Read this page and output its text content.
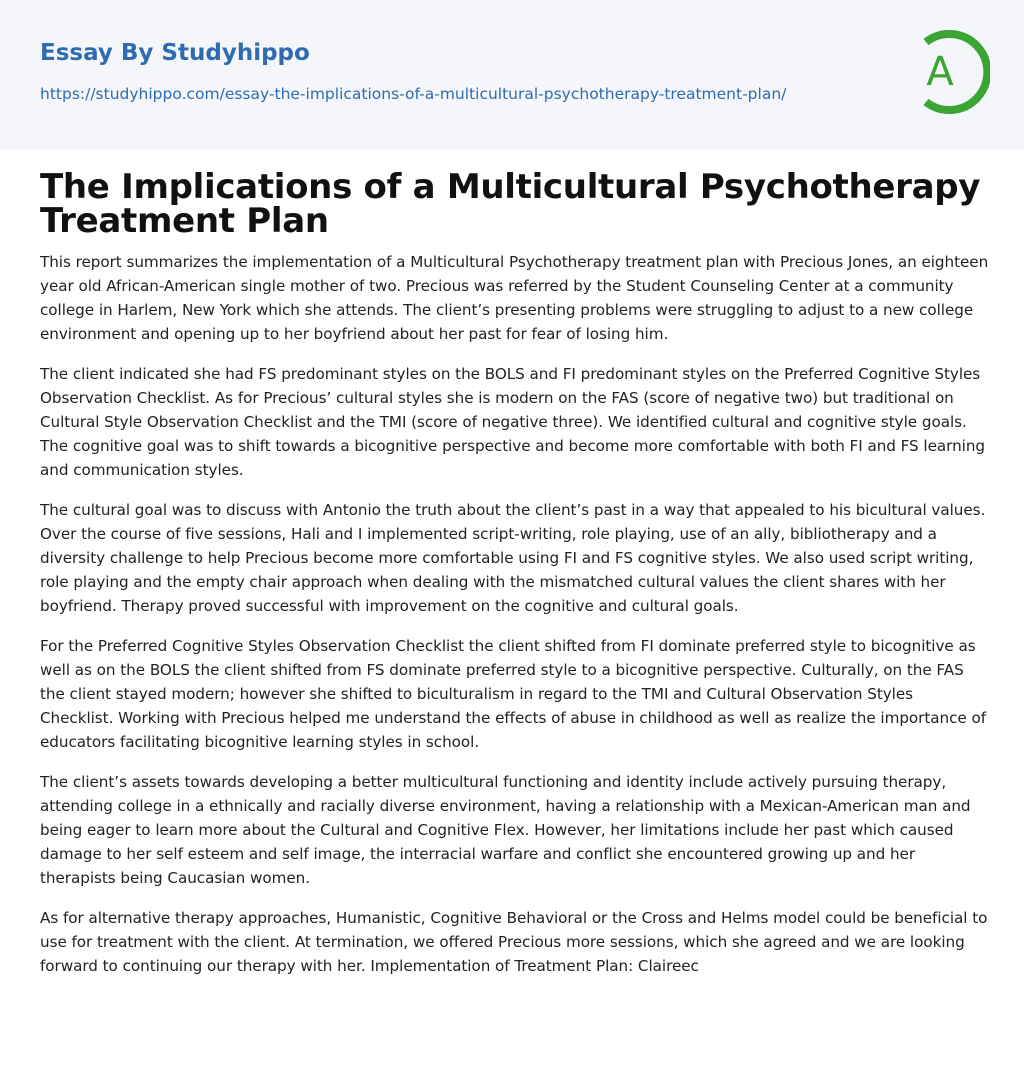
Essay By Studyhippo
https://studyhippo.com/essay-the-implications-of-a-multicultural-psychotherapy-treatment-plan/	A
The Implications of a Multicultural Psychotherapy Treatment Plan

This report summarizes the implementation of a Multicultural Psychotherapy treatment plan with Precious Jones, an eighteen year old African-American single mother of two. Precious was referred by the Student Counseling Center at a community college in Harlem, New York which she attends. The client’s presenting problems were struggling to adjust to a new college environment and opening up to her boyfriend about her past for fear of losing him.

The client indicated she had FS predominant styles on the BOLS and FI predominant styles on the Preferred Cognitive Styles Observation Checklist. As for Precious’ cultural styles she is modern on the FAS (score of negative two) but traditional on Cultural Style Observation Checklist and the TMI (score of negative three). We identified cultural and cognitive style goals. The cognitive goal was to shift towards a bicognitive perspective and become more comfortable with both FI and FS learning and communication styles.

The cultural goal was to discuss with Antonio the truth about the client’s past in a way that appealed to his bicultural values. Over the course of five sessions, Hali and I implemented script-writing, role playing, use of an ally, bibliotherapy and a diversity challenge to help Precious become more comfortable using FI and FS cognitive styles. We also used script writing, role playing and the empty chair approach when dealing with the mismatched cultural values the client shares with her boyfriend. Therapy proved successful with improvement on the cognitive and cultural goals.

For the Preferred Cognitive Styles Observation Checklist the client shifted from FI dominate preferred style to bicognitive as well as on the BOLS the client shifted from FS dominate preferred style to a bicognitive perspective. Culturally, on the FAS the client stayed modern; however she shifted to biculturalism in regard to the TMI and Cultural Observation Styles Checklist. Working with Precious helped me understand the effects of abuse in childhood as well as realize the importance of educators facilitating bicognitive learning styles in school.

The client’s assets towards developing a better multicultural functioning and identity include actively pursuing therapy, attending college in a ethnically and racially diverse environment, having a relationship with a Mexican-American man and being eager to learn more about the Cultural and Cognitive Flex. However, her limitations include her past which caused damage to her self esteem and self image, the interracial warfare and conflict she encountered growing up and her therapists being Caucasian women.

As for alternative therapy approaches, Humanistic, Cognitive Behavioral or the Cross and Helms model could be beneficial to use for treatment with the client. At termination, we offered Precious more sessions, which she agreed and we are looking forward to continuing our therapy with her. Implementation of Treatment Plan: Claireec
